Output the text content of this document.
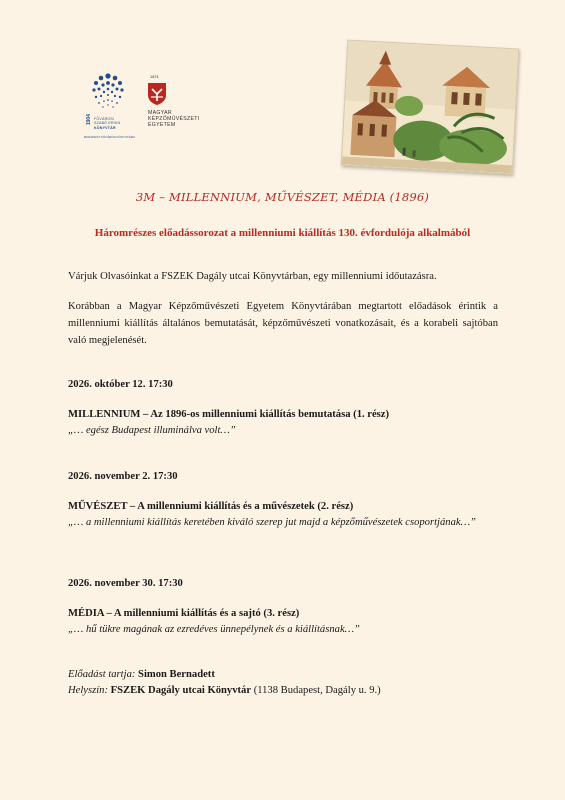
1904 FŐVÁROSI
SZABÓ ERVIN
KÖNYVTÁR
BUDAPEST FŐVÁROS KÖNYVTÁRA
1871
MAGYAR
KÉPZŐMŰVÉSZETI
EGYETEM
3M – MILLENNIUM, MŰVÉSZET, MÉDIA (1896)
Háromrészes előadássorozat a millenniumi kiállítás 130. évfordulója alkalmából
Várjuk Olvasóinkat a FSZEK Dagály utcai Könyvtárban, egy millenniumi időutazásra.
Korábban a Magyar Képzőművészeti Egyetem Könyvtárában megtartott előadások érintik a millenniumi kiállítás általános bemutatását, képzőművészeti vonatkozásait, és a korabeli sajtóban való megjelenését.
2026. október 12. 17:30
MILLENNIUM – Az 1896-os millenniumi kiállítás bemutatása (1. rész)
„… egész Budapest illuminálva volt…”
2026. november 2. 17:30
MŰVÉSZET – A millenniumi kiállítás és a művészetek (2. rész)
„… a millenniumi kiállítás keretében kiváló szerep jut majd a képzőművészetek csoportjának…”
2026. november 30. 17:30
MÉDIA – A millenniumi kiállítás és a sajtó (3. rész)
„… hű tükre magának az ezredéves ünnepélynek és a kiállításnak…”
Előadást tartja: Simon Bernadett
Helyszín: FSZEK Dagály utcai Könyvtár (1138 Budapest, Dagály u. 9.)
